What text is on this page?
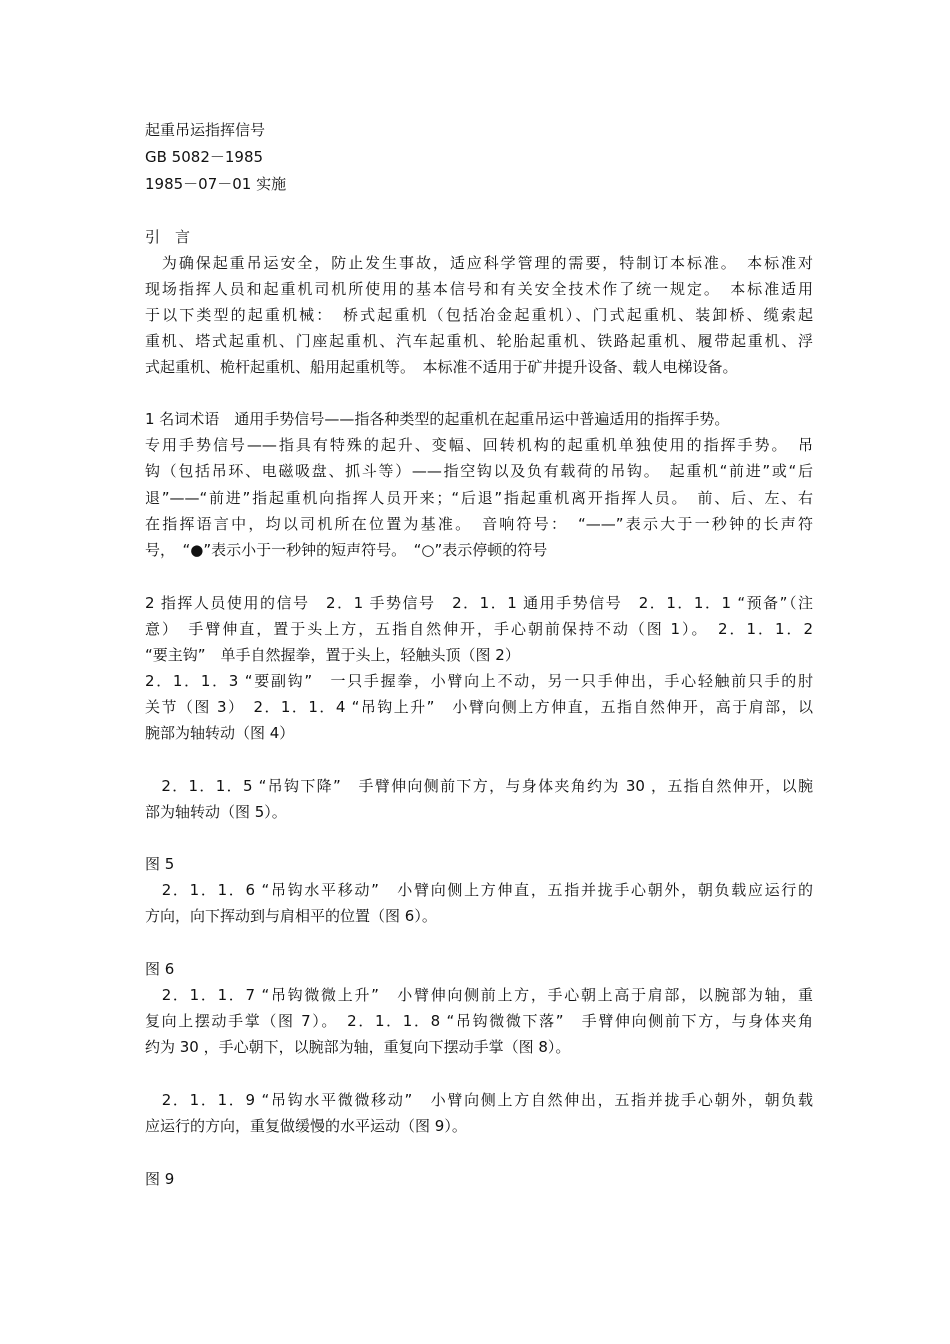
起重吊运指挥信号
GB 5082－1985
1985－07－01 实施
引　言
　为确保起重吊运安全，防止发生事故，适应科学管理的需要，特制订本标准。　本标准对
现场指挥人员和起重机司机所使用的基本信号和有关安全技术作了统一规定。　本标准适用
于以下类型的起重机械：　桥式起重机（包括冶金起重机）、门式起重机、装卸桥、缆索起
重机、塔式起重机、门座起重机、汽车起重机、轮胎起重机、铁路起重机、履带起重机、浮
式起重机、桅杆起重机、船用起重机等。　本标准不适用于矿井提升设备、载人电梯设备。
1 名词术语　通用手势信号——指各种类型的起重机在起重吊运中普遍适用的指挥手势。
专用手势信号——指具有特殊的起升、变幅、回转机构的起重机单独使用的指挥手势。　吊
钩（包括吊环、电磁吸盘、抓斗等）——指空钩以及负有载荷的吊钩。　起重机“前进”或“后
退”——“前进”指起重机向指挥人员开来；“后退”指起重机离开指挥人员。　前、后、左、右
在指挥语言中，均以司机所在位置为基准。　音响符号：　“——”表示大于一秒钟的长声符
号，　“●”表示小于一秒钟的短声符号。　“○”表示停顿的符号
2 指挥人员使用的信号　2．1 手势信号　2．1．1 通用手势信号　2．1．1．1 “预备”（注
意）　手臂伸直，置于头上方，五指自然伸开，手心朝前保持不动（图 1）。　2．1．1．2
“要主钩”　单手自然握拳，置于头上，轻触头顶（图 2）
2．1．1．3 “要副钩”　一只手握拳，小臂向上不动，另一只手伸出，手心轻触前只手的肘
关节（图 3）　2．1．1．4 “吊钩上升”　小臂向侧上方伸直，五指自然伸开，高于肩部，以
腕部为轴转动（图 4）
　2．1．1．5 “吊钩下降”　手臂伸向侧前下方，与身体夹角约为 30 ，五指自然伸开，以腕
部为轴转动（图 5）。
图 5
　2．1．1．6 “吊钩水平移动”　小臂向侧上方伸直，五指并拢手心朝外，朝负载应运行的
方向，向下挥动到与肩相平的位置（图 6）。
图 6
　2．1．1．7 “吊钩微微上升”　小臂伸向侧前上方，手心朝上高于肩部，以腕部为轴，重
复向上摆动手掌（图 7）。　2．1．1．8 “吊钩微微下落”　手臂伸向侧前下方，与身体夹角
约为 30 ，手心朝下，以腕部为轴，重复向下摆动手掌（图 8）。
　2．1．1．9 “吊钩水平微微移动”　小臂向侧上方自然伸出，五指并拢手心朝外，朝负载
应运行的方向，重复做缓慢的水平运动（图 9）。
图 9
